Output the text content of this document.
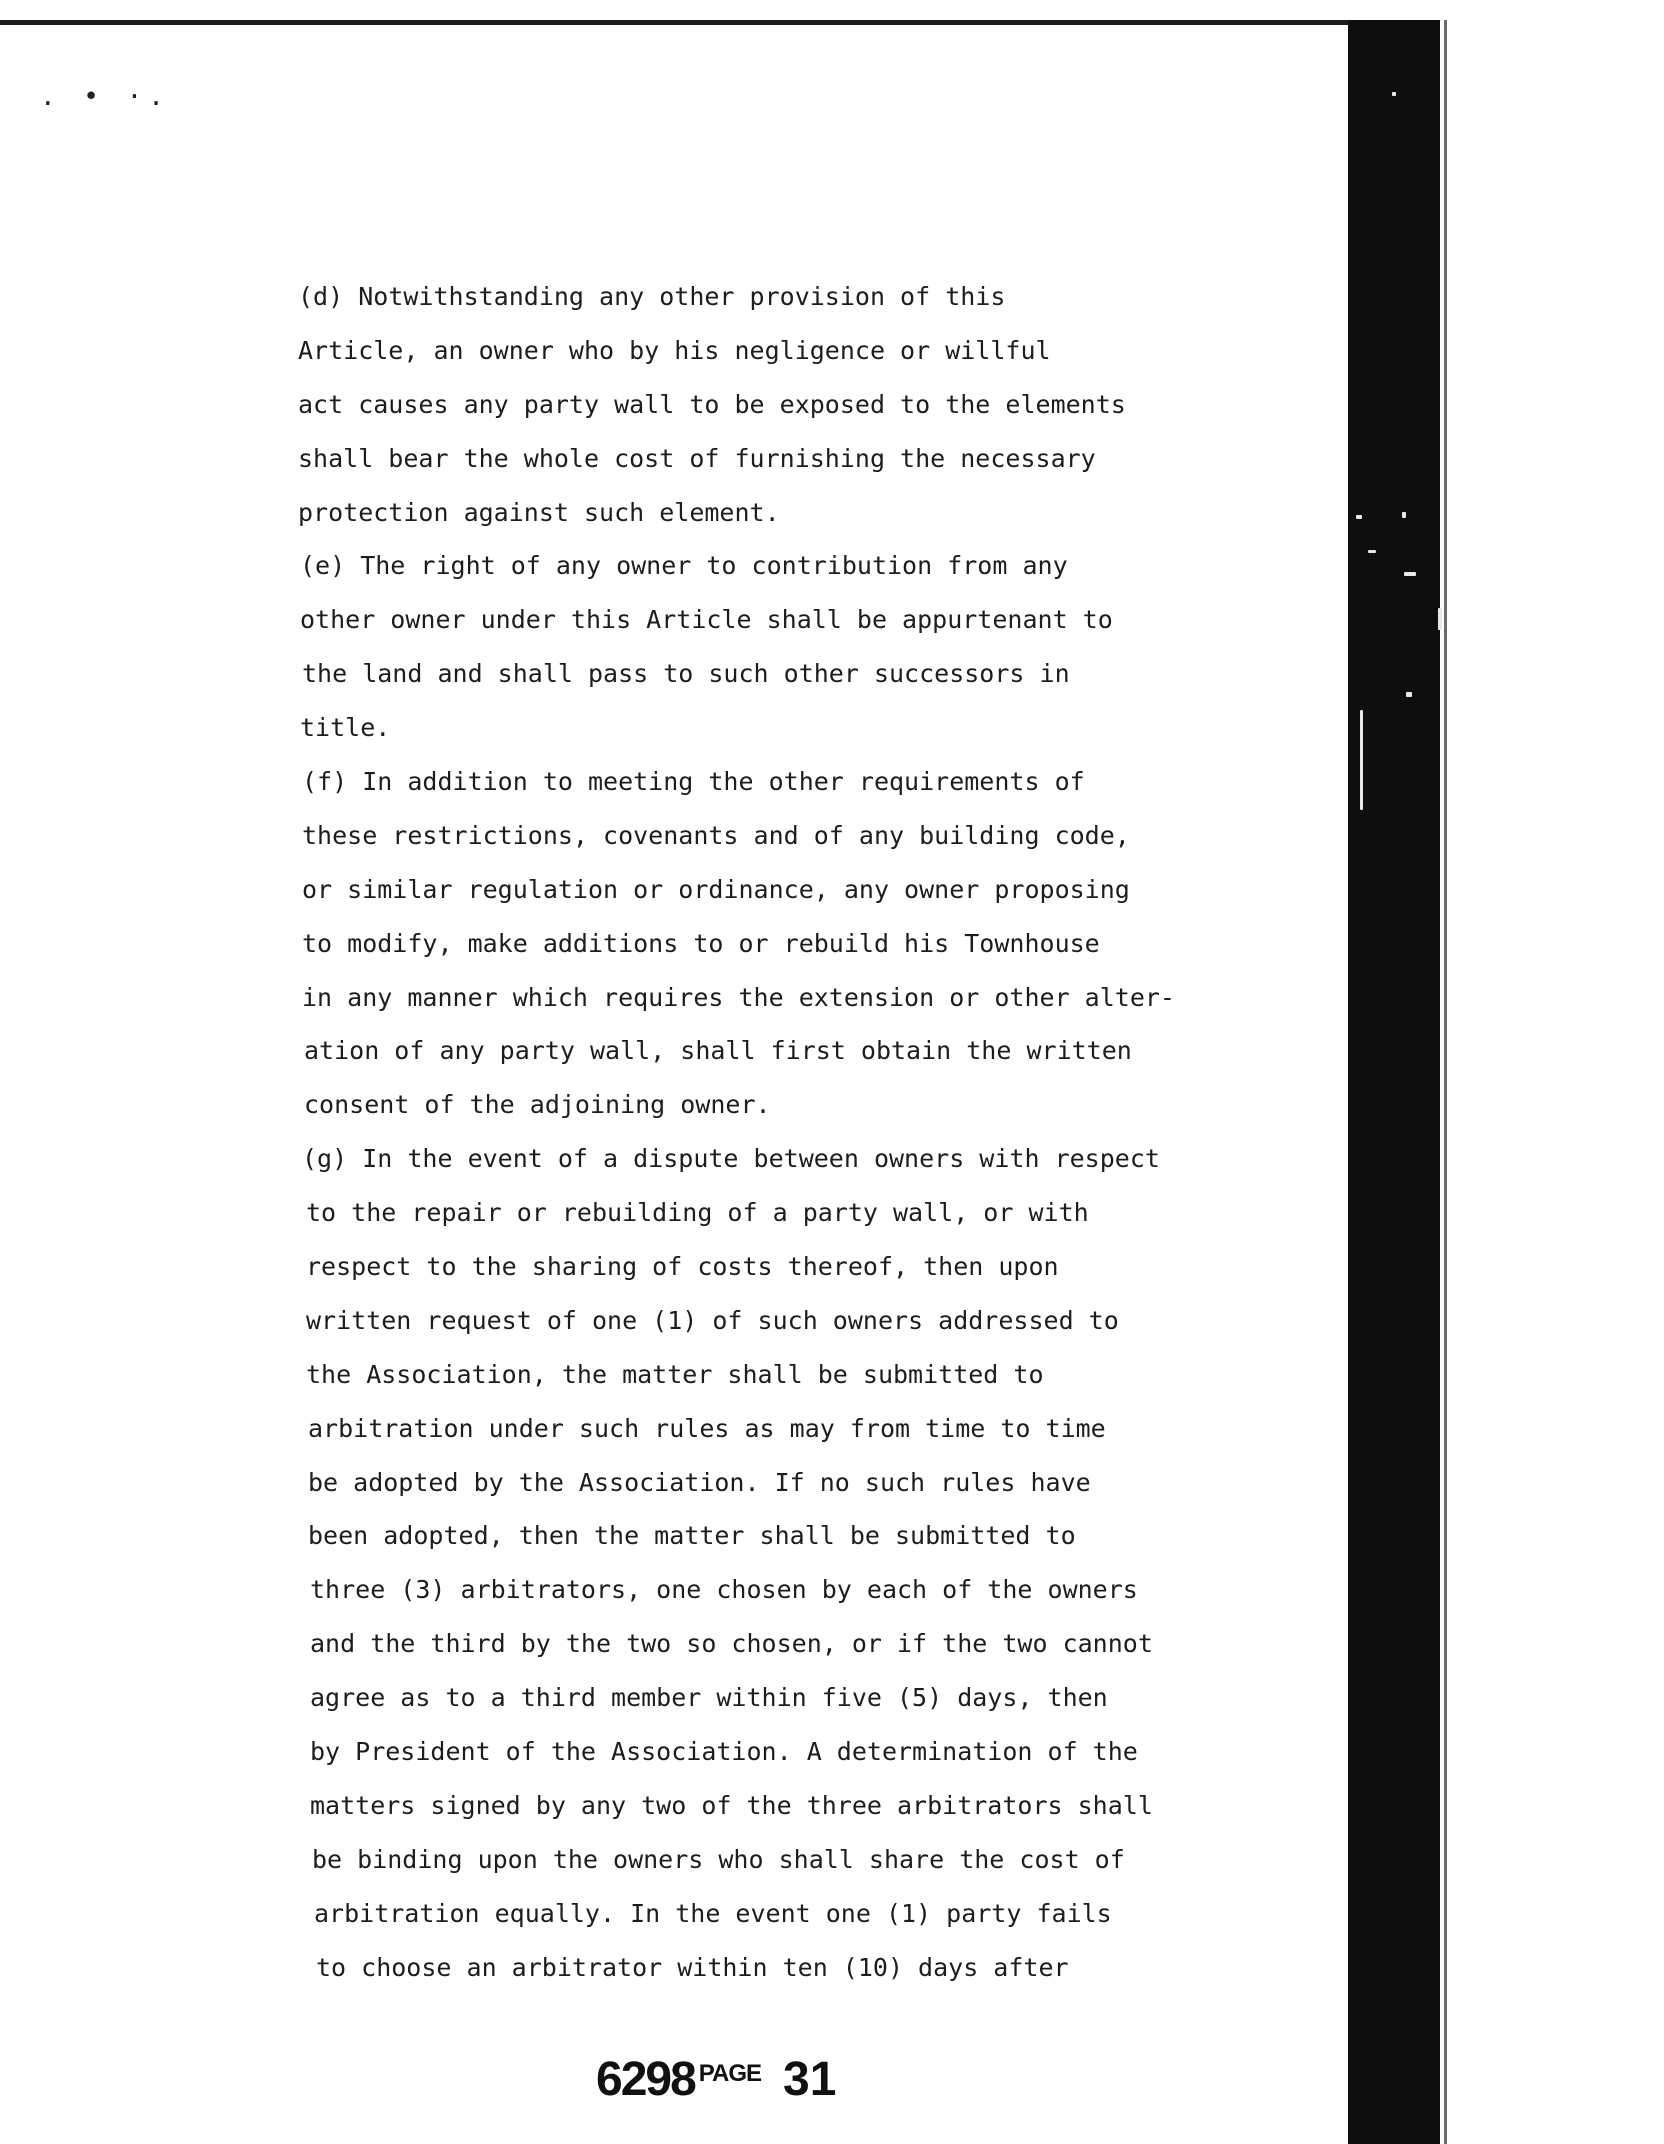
. • ·.
(d) Notwithstanding any other provision of this
Article, an owner who by his negligence or willful
act causes any party wall to be exposed to the elements
shall bear the whole cost of furnishing the necessary
protection against such element.
(e) The right of any owner to contribution from any
other owner under this Article shall be appurtenant to
the land and shall pass to such other successors in
title.
(f) In addition to meeting the other requirements of
these restrictions, covenants and of any building code,
or similar regulation or ordinance, any owner proposing
to modify, make additions to or rebuild his Townhouse
in any manner which requires the extension or other alter-
ation of any party wall, shall first obtain the written
consent of the adjoining owner.
(g) In the event of a dispute between owners with respect
to the repair or rebuilding of a party wall, or with
respect to the sharing of costs thereof, then upon
written request of one (1) of such owners addressed to
the Association, the matter shall be submitted to
arbitration under such rules as may from time to time
be adopted by the Association. If no such rules have
been adopted, then the matter shall be submitted to
three (3) arbitrators, one chosen by each of the owners
and the third by the two so chosen, or if the two cannot
agree as to a third member within five (5) days, then
by President of the Association. A determination of the
matters signed by any two of the three arbitrators shall
be binding upon the owners who shall share the cost of
arbitration equally. In the event one (1) party fails
to choose an arbitrator within ten (10) days after
6298 PAGE 31
